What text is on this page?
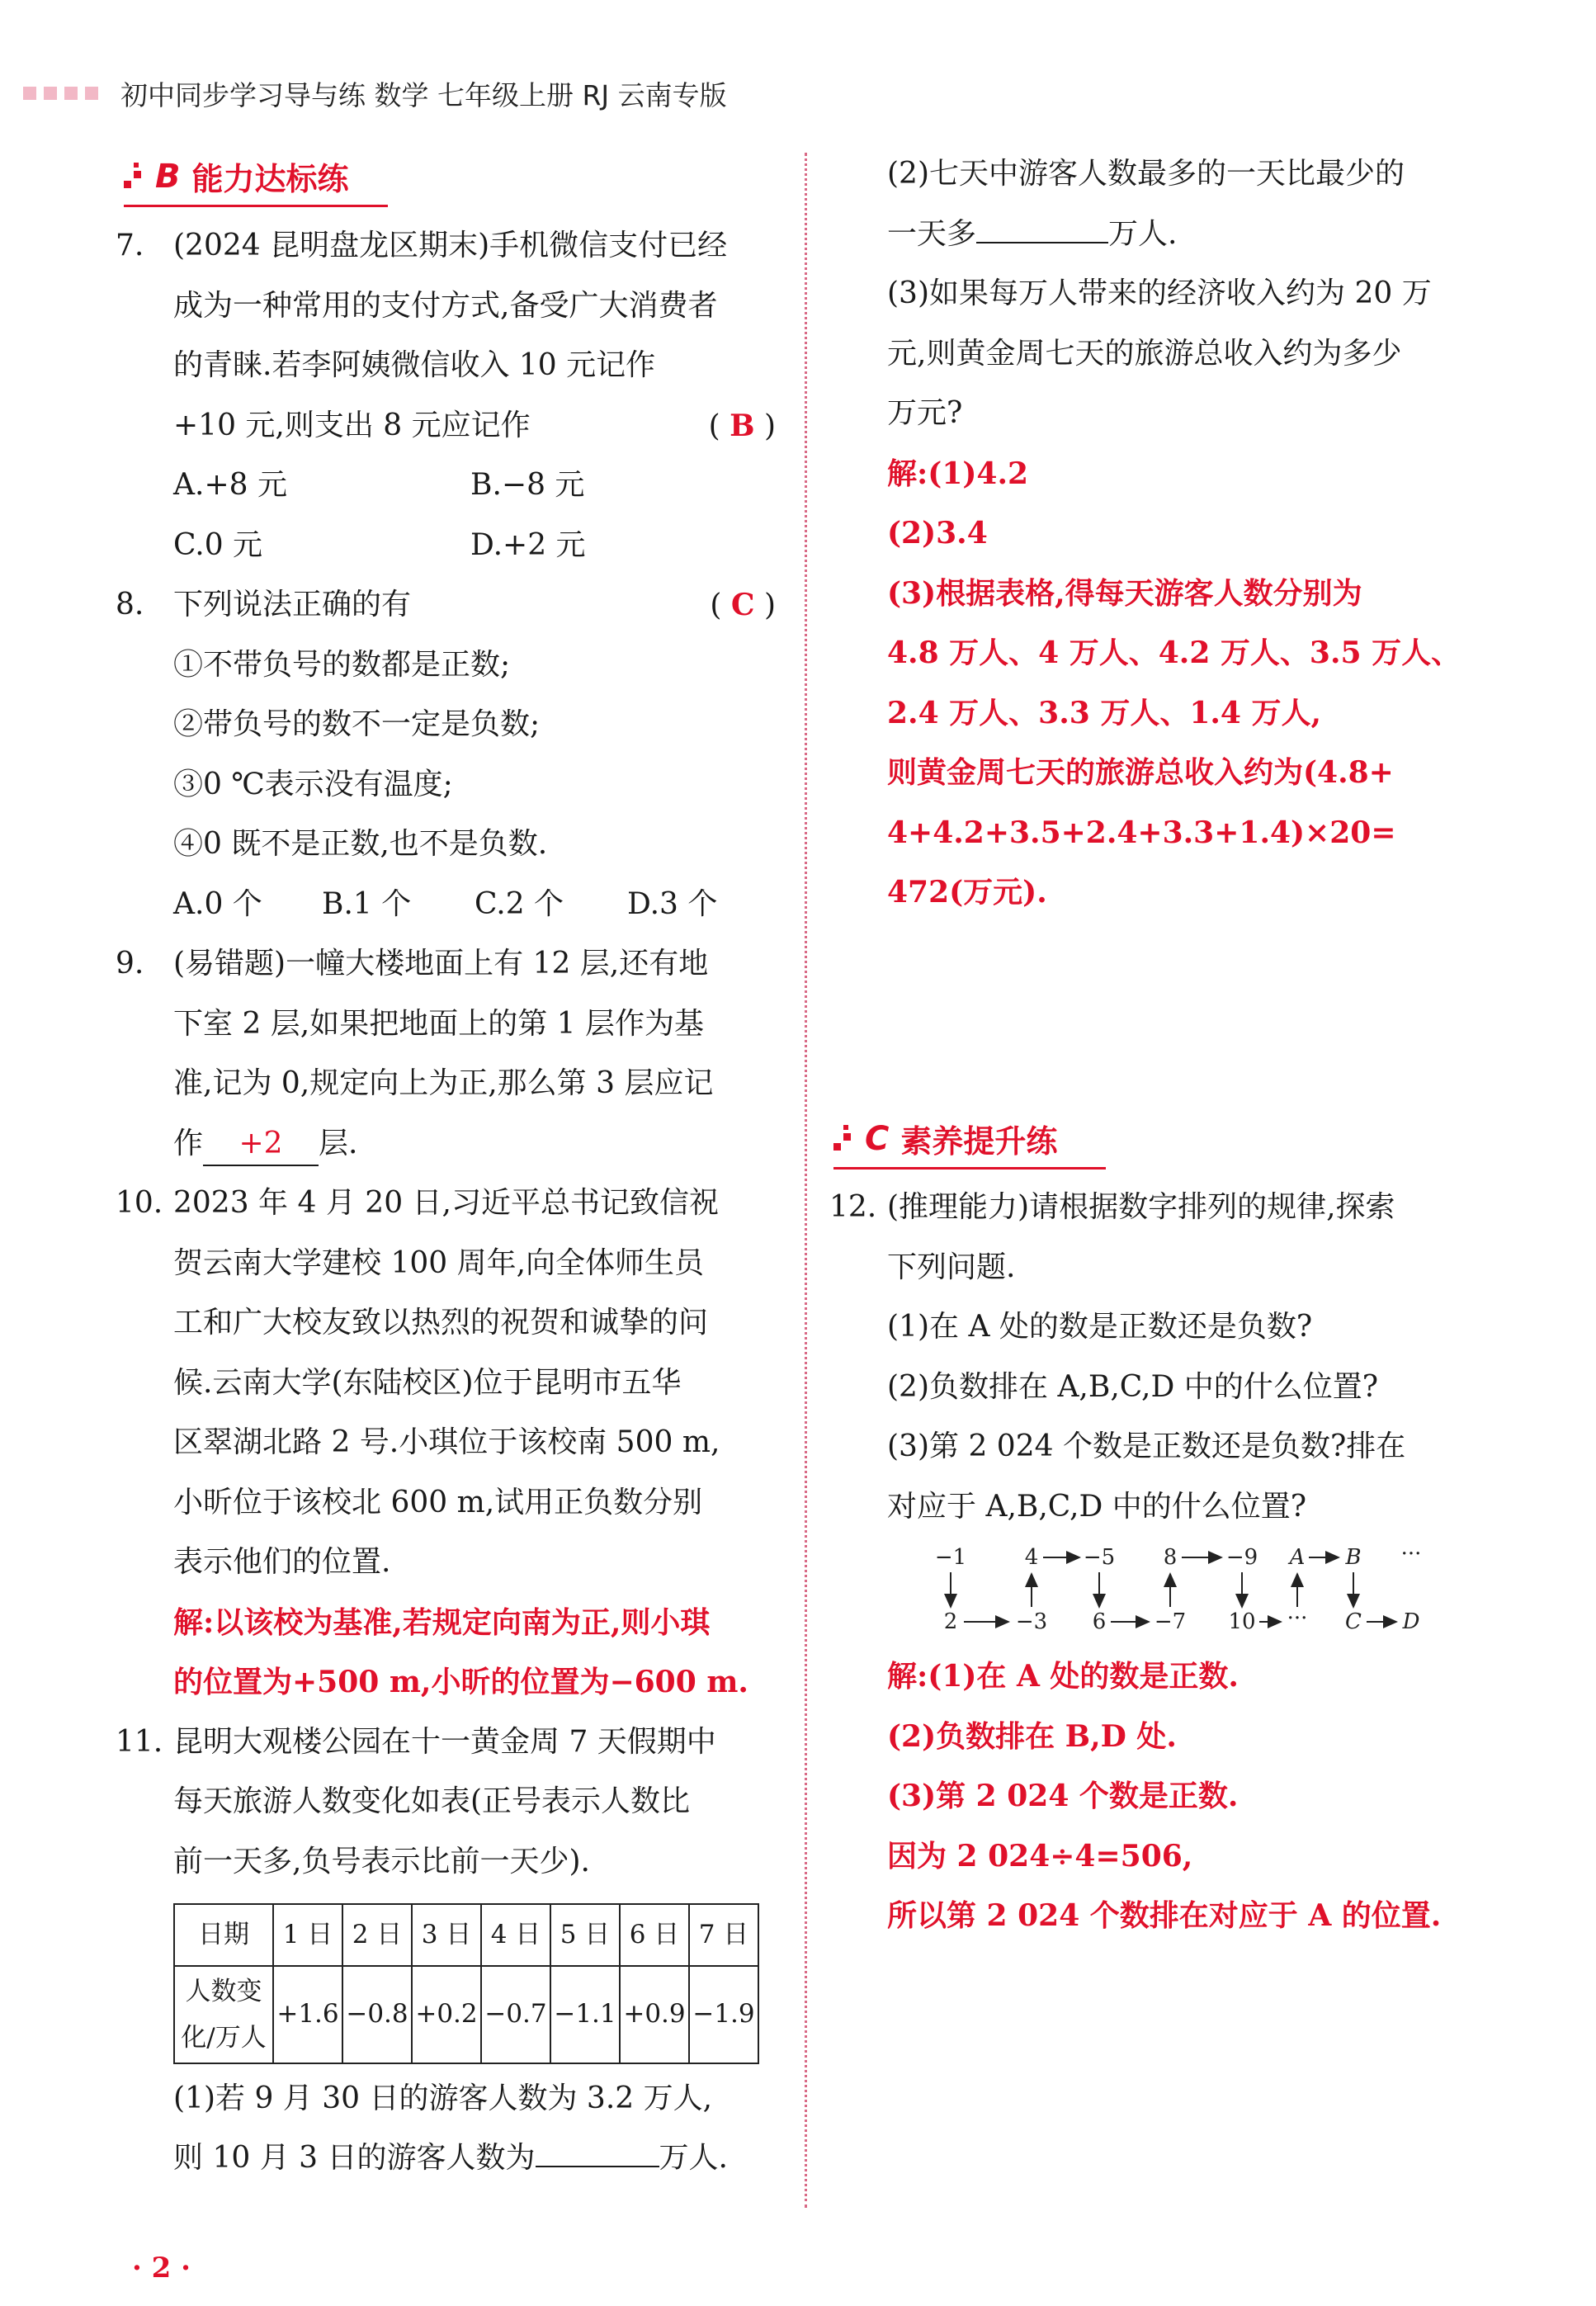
初中同步学习导与练 数学 七年级上册 RJ 云南专版
B 能力达标练
7. (2024 昆明盘龙区期末)手机微信支付已经

成为一种常用的支付方式,备受广大消费者

的青睐.若李阿姨微信收入 10 元记作

+10 元,则支出 8 元应记作	( B )

A.+8 元	B.−8 元

C.0 元	D.+2 元

8. 下列说法正确的有	( C )

①不带负号的数都是正数;

②带负号的数不一定是负数;

③0 ℃表示没有温度;

④0 既不是正数,也不是负数.

A.0 个	B.1 个	C.2 个	D.3 个

9. (易错题)一幢大楼地面上有 12 层,还有地

下室 2 层,如果把地面上的第 1 层作为基

准,记为 0,规定向上为正,那么第 3 层应记

作 +2 层.

10. 2023 年 4 月 20 日,习近平总书记致信祝

贺云南大学建校 100 周年,向全体师生员

工和广大校友致以热烈的祝贺和诚挚的问

候.云南大学(东陆校区)位于昆明市五华

区翠湖北路 2 号.小琪位于该校南 500 m,

小昕位于该校北 600 m,试用正负数分别

表示他们的位置.

解:以该校为基准,若规定向南为正,则小琪

的位置为+500 m,小昕的位置为−600 m.

11. 昆明大观楼公园在十一黄金周 7 天假期中

每天旅游人数变化如表(正号表示人数比

前一天多,负号表示比前一天少).

日期	1 日	2 日	3 日	4 日	5 日	6 日	7 日
人数变
化/万人	+1.6	−0.8	+0.2	−0.7	−1.1	+0.9	−1.9

(1)若 9 月 30 日的游客人数为 3.2 万人,

则 10 月 3 日的游客人数为	万人.

(2)七天中游客人数最多的一天比最少的

一天多	万人.

(3)如果每万人带来的经济收入约为 20 万

元,则黄金周七天的旅游总收入约为多少

万元?

解:(1)4.2

(2)3.4

(3)根据表格,得每天游客人数分别为

4.8 万人、4 万人、4.2 万人、3.5 万人、

2.4 万人、3.3 万人、1.4 万人,

则黄金周七天的旅游总收入约为(4.8+

4+4.2+3.5+2.4+3.3+1.4)×20=

472(万元).

C 素养提升练
12. (推理能力)请根据数字排列的规律,探索

下列问题.

(1)在 A 处的数是正数还是负数?

(2)负数排在 A,B,C,D 中的什么位置?

(3)第 2 024 个数是正数还是负数?排在

对应于 A,B,C,D 中的什么位置?

−1	4 −5 8 −9 A B ···
2	−3 6 −7 10 ··· C D

解:(1)在 A 处的数是正数.

(2)负数排在 B,D 处.

(3)第 2 024 个数是正数.

因为 2 024÷4=506,

所以第 2 024 个数排在对应于 A 的位置.

· 2 ·
